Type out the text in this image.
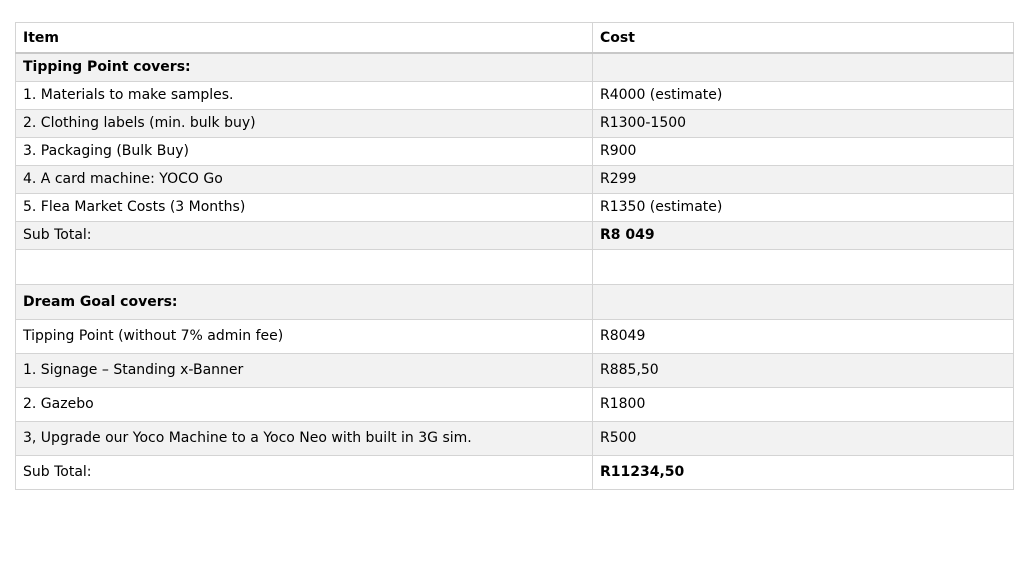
Item	Cost
Tipping Point covers:	
1. Materials to make samples.	R4000 (estimate)
2. Clothing labels (min. bulk buy)	R1300-1500
3. Packaging (Bulk Buy)	R900
4. A card machine: YOCO Go	R299
5. Flea Market Costs (3 Months)	R1350 (estimate)
Sub Total:	R8 049

Dream Goal covers:	
Tipping Point (without 7% admin fee)	R8049
1. Signage – Standing x-Banner	R885,50
2. Gazebo	R1800
3, Upgrade our Yoco Machine to a Yoco Neo with built in 3G sim.	R500
Sub Total:	R11234,50
